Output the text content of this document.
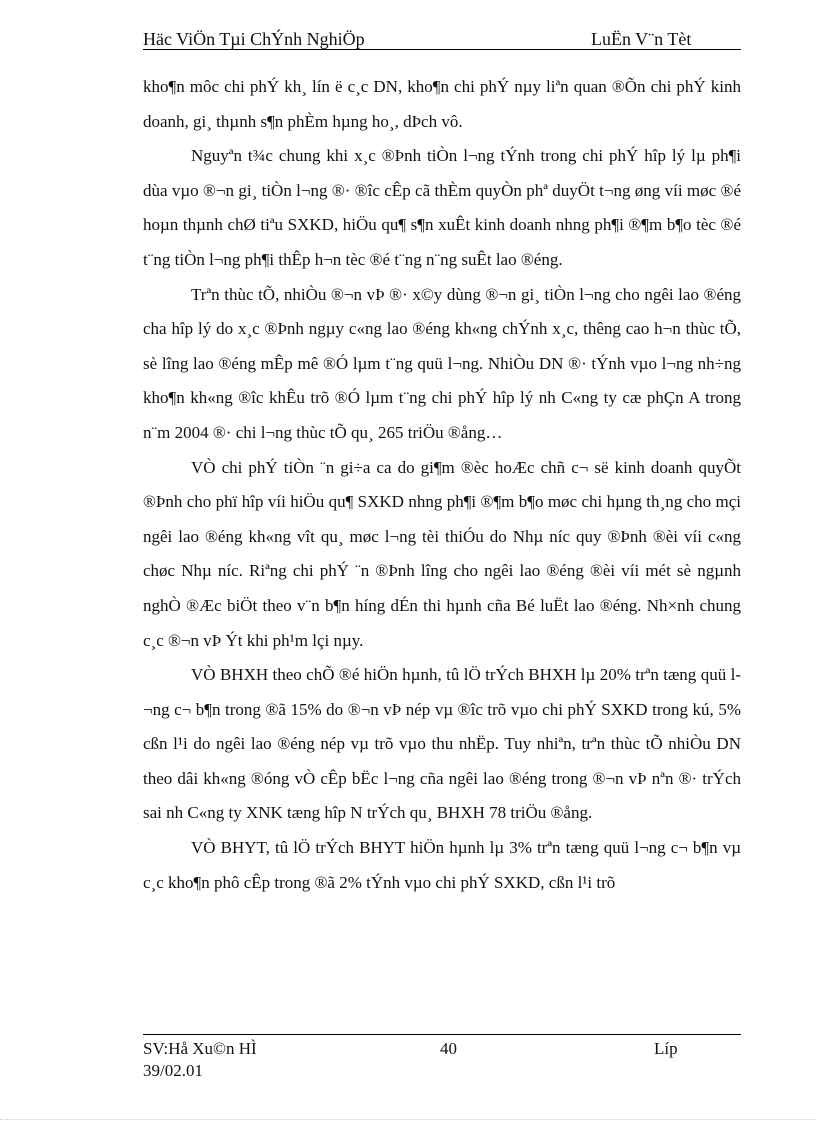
Häc ViÖn Tµi ChÝnh NghiÖp	LuËn V¨n Tèt

kho¶n môc chi phÝ kh¸ lín ë c¸c DN, kho¶n chi phÝ nµy liªn quan ®Õn chi phÝ kinh doanh, gi¸ thµnh s¶n phÈm hµng ho¸, dÞch vô.

Nguyªn t¾c chung khi x¸c ®Þnh tiÒn l¬ng tÝnh trong chi phÝ hîp lý lµ ph¶i dùa vµo ®¬n gi¸ tiÒn l¬ng ®· ®îc cÊp cã thÈm quyÒn phª duyÖt t¬ng øng víi møc ®é hoµn thµnh chØ tiªu SXKD, hiÖu qu¶ s¶n xuÊt kinh doanh nhng ph¶i ®¶m b¶o tèc ®é t¨ng tiÒn l¬ng ph¶i thÊp h¬n tèc ®é t¨ng n¨ng suÊt lao ®éng.

Trªn thùc tÕ, nhiÒu ®¬n vÞ ®· x©y dùng ®¬n gi¸ tiÒn l¬ng cho ngêi lao ®éng cha hîp lý do x¸c ®Þnh ngµy c«ng lao ®éng kh«ng chÝnh x¸c, thêng cao h¬n thùc tÕ, sè lîng lao ®éng mÊp mê ®Ó lµm t¨ng quü l¬ng. NhiÒu DN ®· tÝnh vµo l¬ng nh÷ng kho¶n kh«ng ®îc khÊu trõ ®Ó lµm t¨ng chi phÝ hîp lý nh C«ng ty cæ phÇn A trong n¨m 2004 ®· chi l¬ng thùc tÕ qu¸ 265 triÖu ®ång…

VÒ chi phÝ tiÒn ¨n gi÷a ca do gi¶m ®èc hoÆc chñ c¬ së kinh doanh quyÕt ®Þnh cho phï hîp víi hiÖu qu¶ SXKD nhng ph¶i ®¶m b¶o møc chi hµng th¸ng cho mçi ngêi lao ®éng kh«ng vît qu¸ møc l¬ng tèi thiÓu do Nhµ níc quy ®Þnh ®èi víi c«ng chøc Nhµ níc. Riªng chi phÝ ¨n ®Þnh lîng cho ngêi lao ®éng ®èi víi mét sè ngµnh nghÒ ®Æc biÖt theo v¨n b¶n híng dÉn thi hµnh cña Bé luËt lao ®éng. Nh×nh chung c¸c ®¬n vÞ Ýt khi ph¹m lçi nµy.

VÒ BHXH theo chÕ ®é hiÖn hµnh, tû lÖ trÝch BHXH lµ 20% trªn tæng quü l¬ng c¬ b¶n trong ®ã 15% do ®¬n vÞ nép vµ ®îc trõ vµo chi phÝ SXKD trong kú, 5% cßn l¹i do ngêi lao ®éng nép vµ trõ vµo thu nhËp. Tuy nhiªn, trªn thùc tÕ nhiÒu DN theo dâi kh«ng ®óng vÒ cÊp bËc l¬ng cña ngêi lao ®éng trong ®¬n vÞ nªn ®· trÝch sai nh C«ng ty XNK tæng hîp N trÝch qu¸ BHXH 78 triÖu ®ång.

VÒ BHYT, tû lÖ trÝch BHYT hiÖn hµnh lµ 3% trªn tæng quü l¬ng c¬ b¶n vµ c¸c kho¶n phô cÊp trong ®ã 2% tÝnh vµo chi phÝ SXKD, cßn l¹i trõ

SV:Hå Xu©n HÌ 39/02.01
40	Líp
